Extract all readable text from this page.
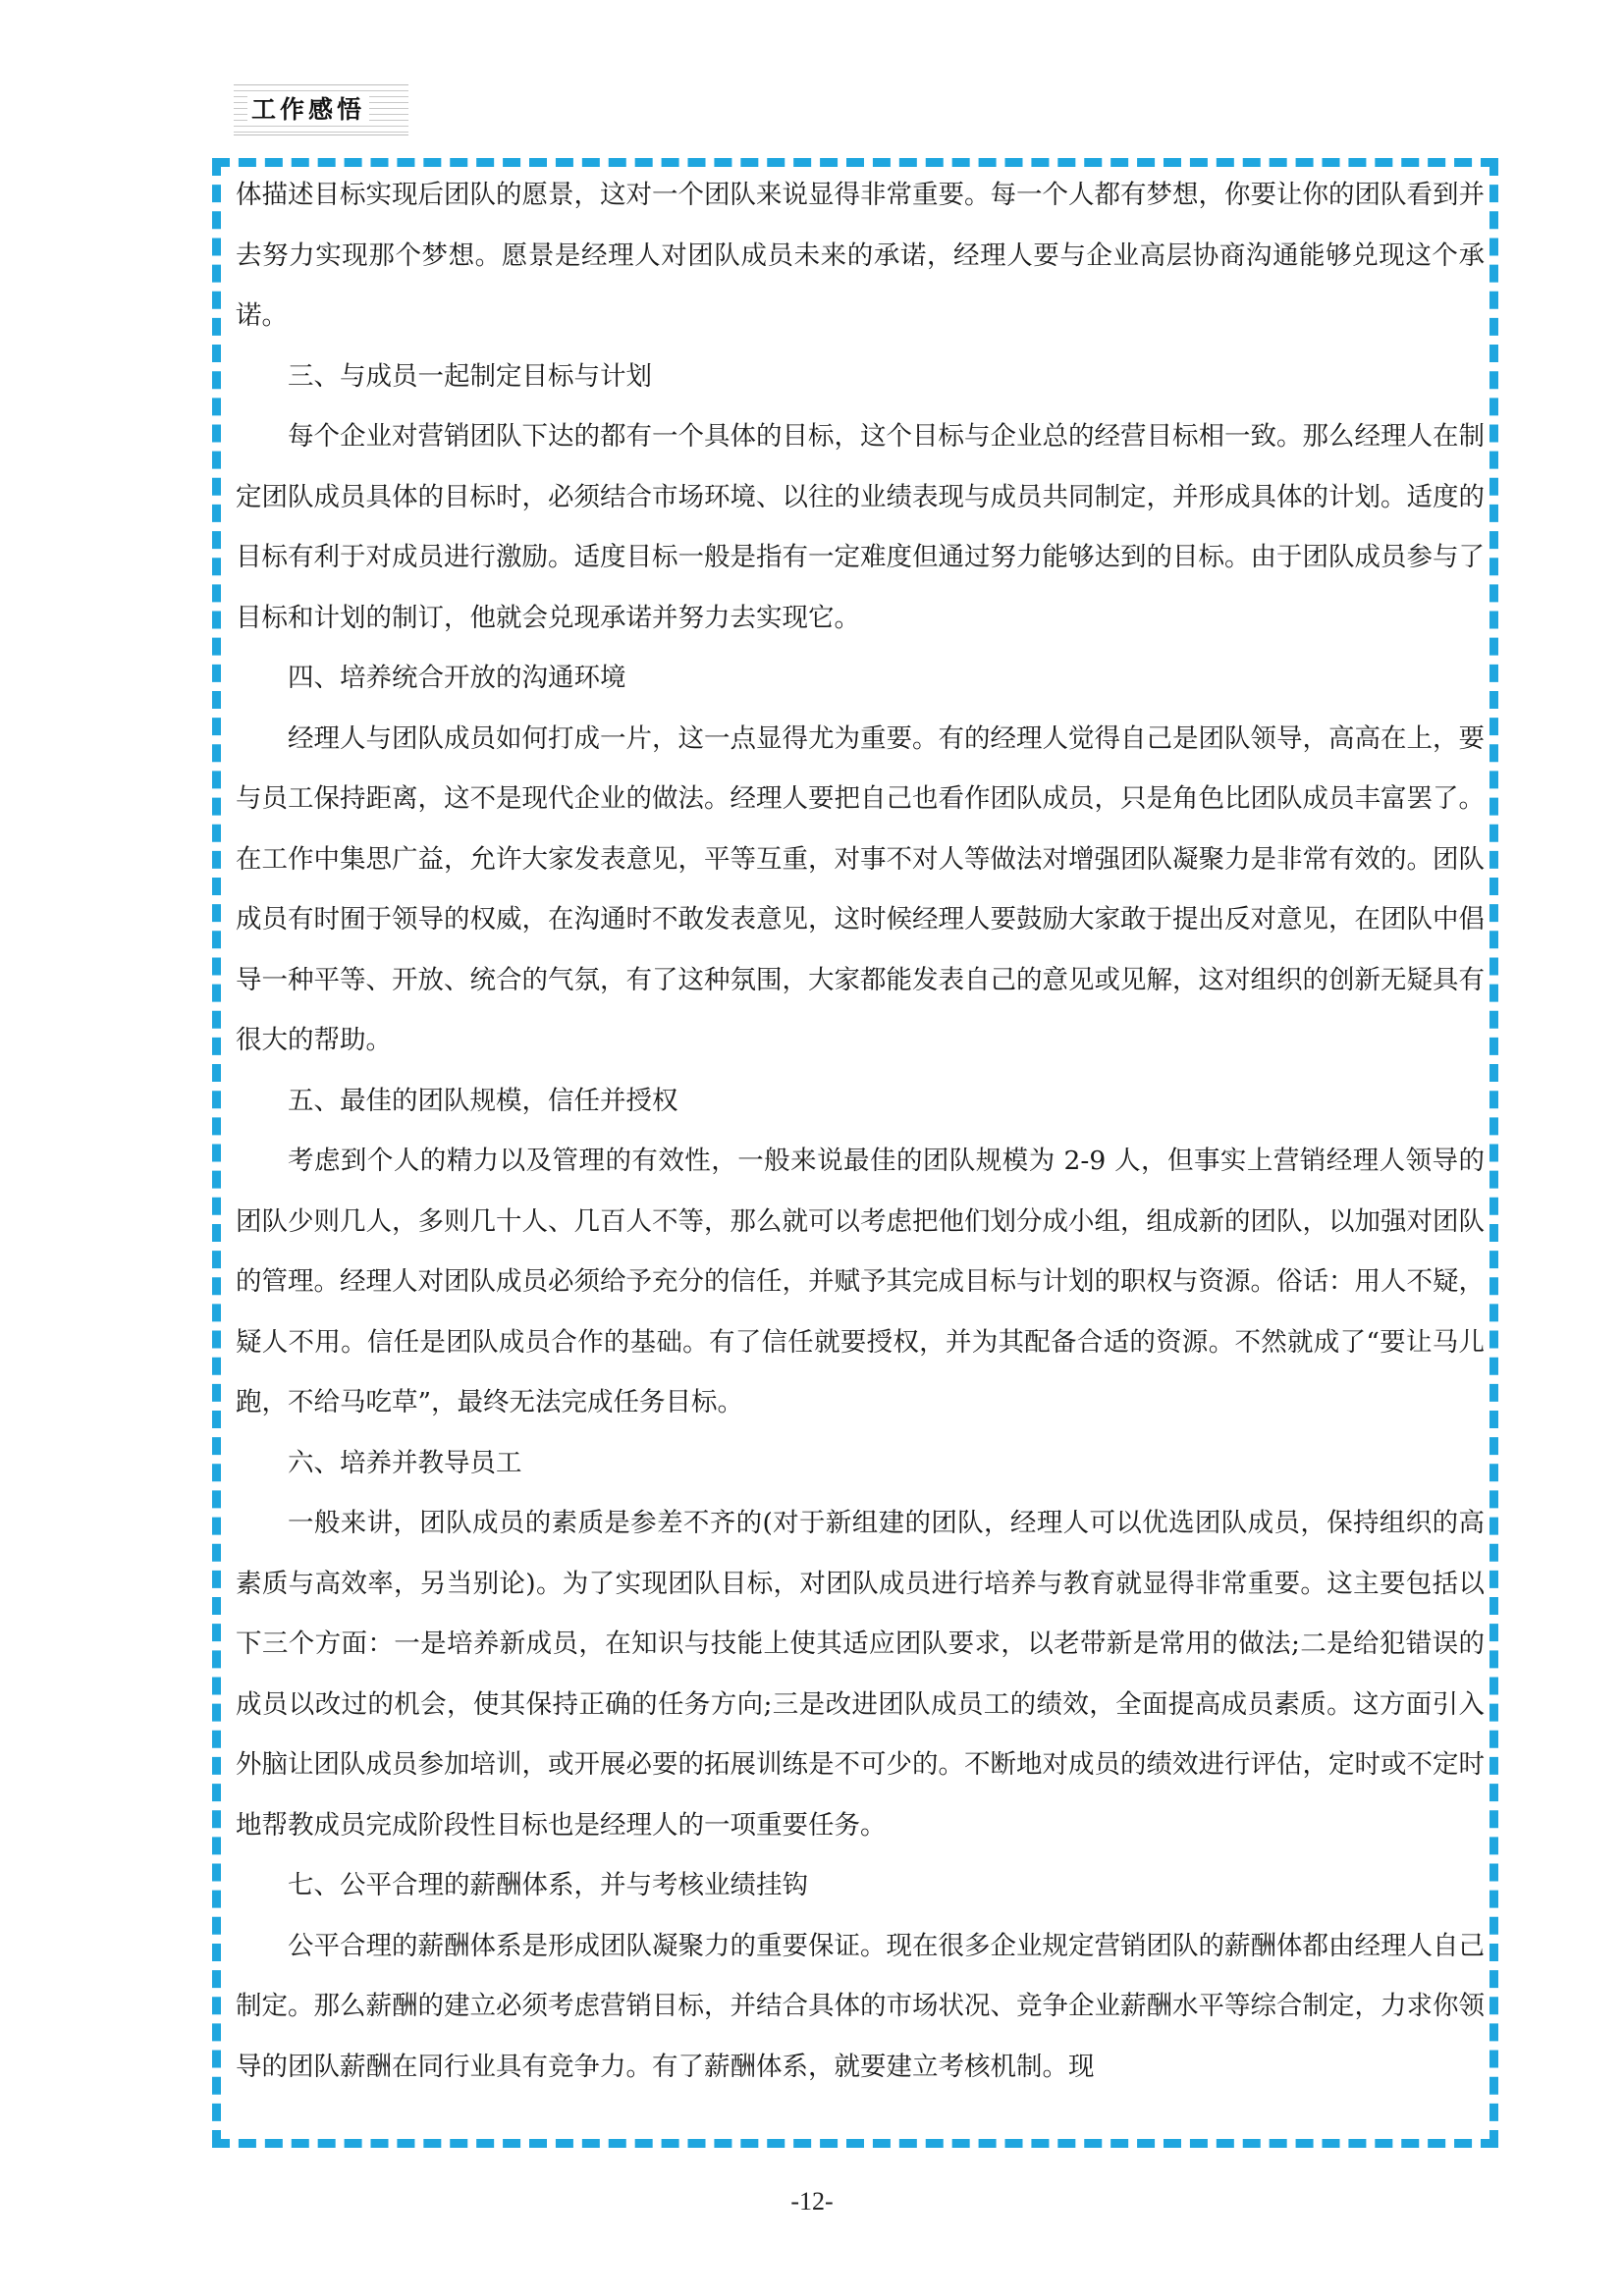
工作感悟

体描述目标实现后团队的愿景，这对一个团队来说显得非常重要。每一个人都有梦想，你要让你的团队看到并去努力实现那个梦想。愿景是经理人对团队成员未来的承诺，经理人要与企业高层协商沟通能够兑现这个承诺。

三、与成员一起制定目标与计划

每个企业对营销团队下达的都有一个具体的目标，这个目标与企业总的经营目标相一致。那么经理人在制定团队成员具体的目标时，必须结合市场环境、以往的业绩表现与成员共同制定，并形成具体的计划。适度的目标有利于对成员进行激励。适度目标一般是指有一定难度但通过努力能够达到的目标。由于团队成员参与了目标和计划的制订，他就会兑现承诺并努力去实现它。

四、培养统合开放的沟通环境

经理人与团队成员如何打成一片，这一点显得尤为重要。有的经理人觉得自己是团队领导，高高在上，要与员工保持距离，这不是现代企业的做法。经理人要把自己也看作团队成员，只是角色比团队成员丰富罢了。在工作中集思广益，允许大家发表意见，平等互重，对事不对人等做法对增强团队凝聚力是非常有效的。团队成员有时囿于领导的权威，在沟通时不敢发表意见，这时候经理人要鼓励大家敢于提出反对意见，在团队中倡导一种平等、开放、统合的气氛，有了这种氛围，大家都能发表自己的意见或见解，这对组织的创新无疑具有很大的帮助。

五、最佳的团队规模，信任并授权

考虑到个人的精力以及管理的有效性，一般来说最佳的团队规模为 2-9 人，但事实上营销经理人领导的团队少则几人，多则几十人、几百人不等，那么就可以考虑把他们划分成小组，组成新的团队，以加强对团队的管理。经理人对团队成员必须给予充分的信任，并赋予其完成目标与计划的职权与资源。俗话：用人不疑，疑人不用。信任是团队成员合作的基础。有了信任就要授权，并为其配备合适的资源。不然就成了“要让马儿跑，不给马吃草”，最终无法完成任务目标。

六、培养并教导员工

一般来讲，团队成员的素质是参差不齐的(对于新组建的团队，经理人可以优选团队成员，保持组织的高素质与高效率，另当别论)。为了实现团队目标，对团队成员进行培养与教育就显得非常重要。这主要包括以下三个方面：一是培养新成员，在知识与技能上使其适应团队要求，以老带新是常用的做法;二是给犯错误的成员以改过的机会，使其保持正确的任务方向;三是改进团队成员工的绩效，全面提高成员素质。这方面引入外脑让团队成员参加培训，或开展必要的拓展训练是不可少的。不断地对成员的绩效进行评估，定时或不定时地帮教成员完成阶段性目标也是经理人的一项重要任务。

七、公平合理的薪酬体系，并与考核业绩挂钩

公平合理的薪酬体系是形成团队凝聚力的重要保证。现在很多企业规定营销团队的薪酬体都由经理人自己制定。那么薪酬的建立必须考虑营销目标，并结合具体的市场状况、竞争企业薪酬水平等综合制定，力求你领导的团队薪酬在同行业具有竞争力。有了薪酬体系，就要建立考核机制。现

-12-
